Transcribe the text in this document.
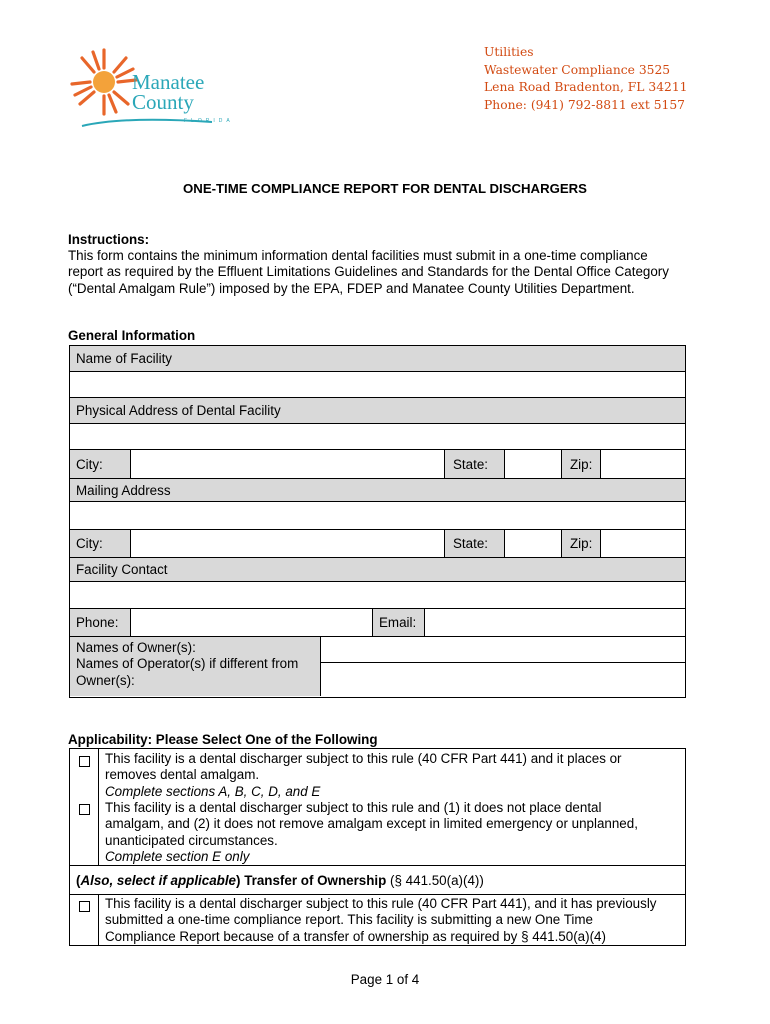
Manatee
County
FLORIDA
Utilities
Wastewater Compliance 3525
Lena Road Bradenton, FL 34211
Phone: (941) 792-8811 ext 5157
ONE-TIME COMPLIANCE REPORT FOR DENTAL DISCHARGERS
Instructions:
This form contains the minimum information dental facilities must submit in a one-time compliance
report as required by the Effluent Limitations Guidelines and Standards for the Dental Office Category
(“Dental Amalgam Rule”) imposed by the EPA, FDEP and Manatee County Utilities Department.
General Information
Name of Facility
Physical Address of Dental Facility
City:	State:	Zip:
Mailing Address
City:	State:	Zip:
Facility Contact
Phone:	Email:
Names of Owner(s):
Names of Operator(s) if different from
Owner(s):
Applicability: Please Select One of the Following
This facility is a dental discharger subject to this rule (40 CFR Part 441) and it places or
removes dental amalgam.
Complete sections A, B, C, D, and E
This facility is a dental discharger subject to this rule and (1) it does not place dental
amalgam, and (2) it does not remove amalgam except in limited emergency or unplanned,
unanticipated circumstances.
Complete section E only
(Also, select if applicable) Transfer of Ownership (§ 441.50(a)(4))
This facility is a dental discharger subject to this rule (40 CFR Part 441), and it has previously
submitted a one-time compliance report. This facility is submitting a new One Time
Compliance Report because of a transfer of ownership as required by § 441.50(a)(4)
Page 1 of 4
